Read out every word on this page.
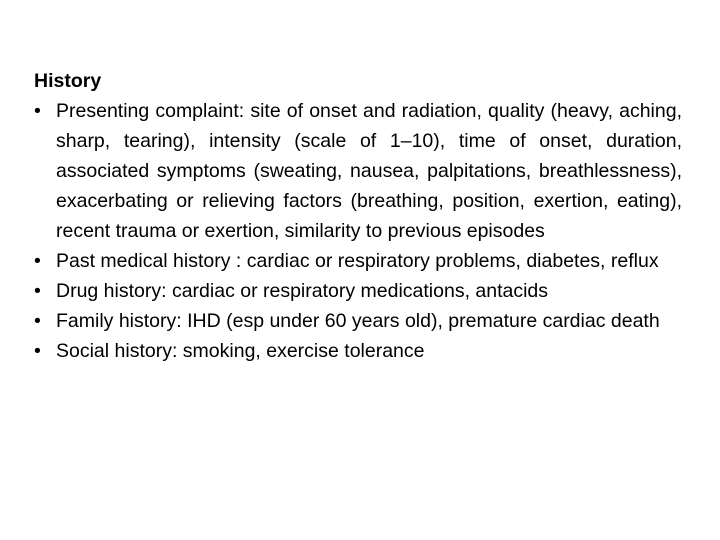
History
• Presenting complaint: site of onset and radiation, quality (heavy, aching, sharp, tearing), intensity (scale of 1–10), time of onset, duration, associated symptoms (sweating, nausea, palpitations, breathlessness), exacerbating or relieving factors (breathing, position, exertion, eating), recent trauma or exertion, similarity to previous episodes
• Past medical history : cardiac or respiratory problems, diabetes, reflux
• Drug history: cardiac or respiratory medications, antacids
• Family history: IHD (esp under 60 years old), premature cardiac death
• Social history: smoking, exercise tolerance
